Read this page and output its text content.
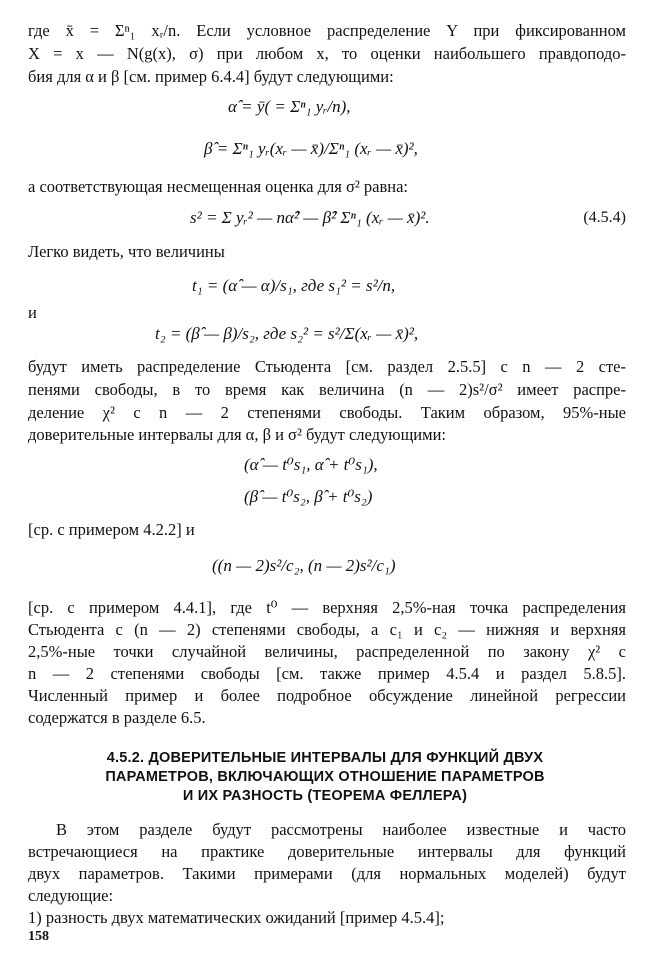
где x̄ = Σⁿ₁ xᵣ/n. Если условное распределение Y при фиксированном
X = x — N(g(x), σ) при любом x, то оценки наибольшего правдоподо-
бия для α и β [см. пример 6.4.4] будут следующими:
α̂ = ȳ( = Σⁿ₁ yᵣ/n),
β̂ = Σⁿ₁ yᵣ(xᵣ — x̄)/Σⁿ₁ (xᵣ — x̄)²,
а соответствующая несмещенная оценка для σ² равна:
s² = Σ yᵣ² — nα̂² — β̂² Σⁿ₁ (xᵣ — x̄)².	(4.5.4)
Легко видеть, что величины
t₁ = (α̂ — α)/s₁, где s₁² = s²/n,
и
t₂ = (β̂ — β)/s₂, где s₂² = s²/Σ(xᵣ — x̄)²,
будут иметь распределение Стьюдента [см. раздел 2.5.5] с n — 2 сте-
пенями свободы, в то время как величина (n — 2)s²/σ² имеет распре-
деление χ² с n — 2 степенями свободы. Таким образом, 95%-ные
доверительные интервалы для α, β и σ² будут следующими:
(α̂ — t⁰s₁, α̂ + t⁰s₁),
(β̂ — t⁰s₂, β̂ + t⁰s₂)
[ср. с примером 4.2.2] и
((n — 2)s²/c₂, (n — 2)s²/c₁)
[ср. с примером 4.4.1], где t⁰ — верхняя 2,5%-ная точка распределения
Стьюдента с (n — 2) степенями свободы, а c₁ и c₂ — нижняя и верхняя
2,5%-ные точки случайной величины, распределенной по закону χ² с
n — 2 степенями свободы [см. также пример 4.5.4 и раздел 5.8.5].
Численный пример и более подробное обсуждение линейной регрессии
содержатся в разделе 6.5.
4.5.2. ДОВЕРИТЕЛЬНЫЕ ИНТЕРВАЛЫ ДЛЯ ФУНКЦИЙ ДВУХ
ПАРАМЕТРОВ, ВКЛЮЧАЮЩИХ ОТНОШЕНИЕ ПАРАМЕТРОВ
И ИХ РАЗНОСТЬ (ТЕОРЕМА ФЕЛЛЕРА)
В этом разделе будут рассмотрены наиболее известные и часто
встречающиеся на практике доверительные интервалы для функций
двух параметров. Такими примерами (для нормальных моделей) будут
следующие:
1) разность двух математических ожиданий [пример 4.5.4];
158
